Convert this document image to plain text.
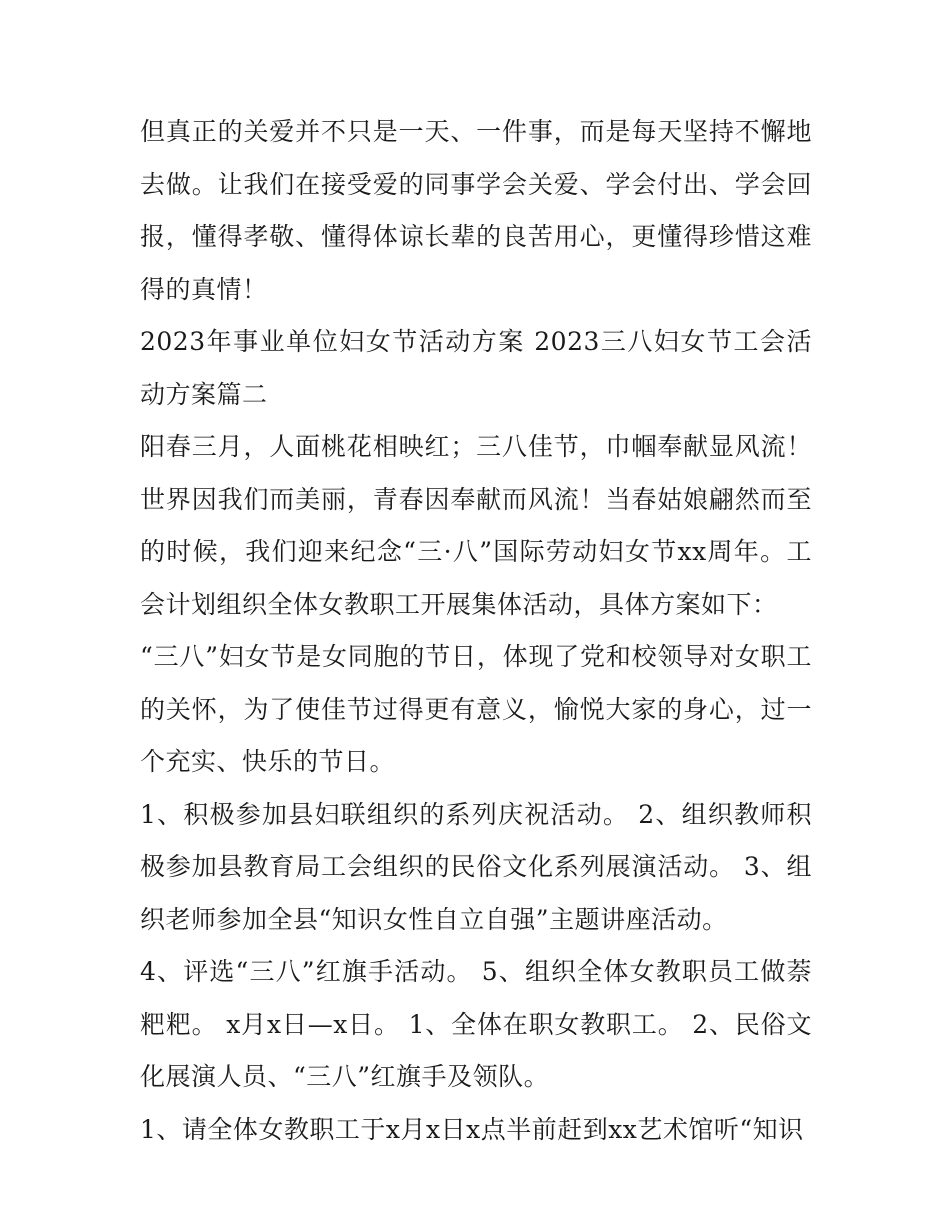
但真正的关爱并不只是一天、一件事，而是每天坚持不懈地去做。让我们在接受爱的同事学会关爱、学会付出、学会回报，懂得孝敬、懂得体谅长辈的良苦用心，更懂得珍惜这难得的真情！

2023年事业单位妇女节活动方案 2023三八妇女节工会活动方案篇二

阳春三月，人面桃花相映红；三八佳节，巾帼奉献显风流！世界因我们而美丽，青春因奉献而风流！当春姑娘翩然而至的时候，我们迎来纪念“三·八”国际劳动妇女节xx周年。工会计划组织全体女教职工开展集体活动，具体方案如下：

“三八”妇女节是女同胞的节日，体现了党和校领导对女职工的关怀，为了使佳节过得更有意义，愉悦大家的身心，过一个充实、快乐的节日。

1、积极参加县妇联组织的系列庆祝活动。 2、组织教师积极参加县教育局工会组织的民俗文化系列展演活动。 3、组织老师参加全县“知识女性自立自强”主题讲座活动。

4、评选“三八”红旗手活动。 5、组织全体女教职员工做萘粑粑。 x月x日—x日。 1、全体在职女教职工。 2、民俗文化展演人员、“三八”红旗手及领队。

1、请全体女教职工于x月x日x点半前赶到xx艺术馆听“知识
